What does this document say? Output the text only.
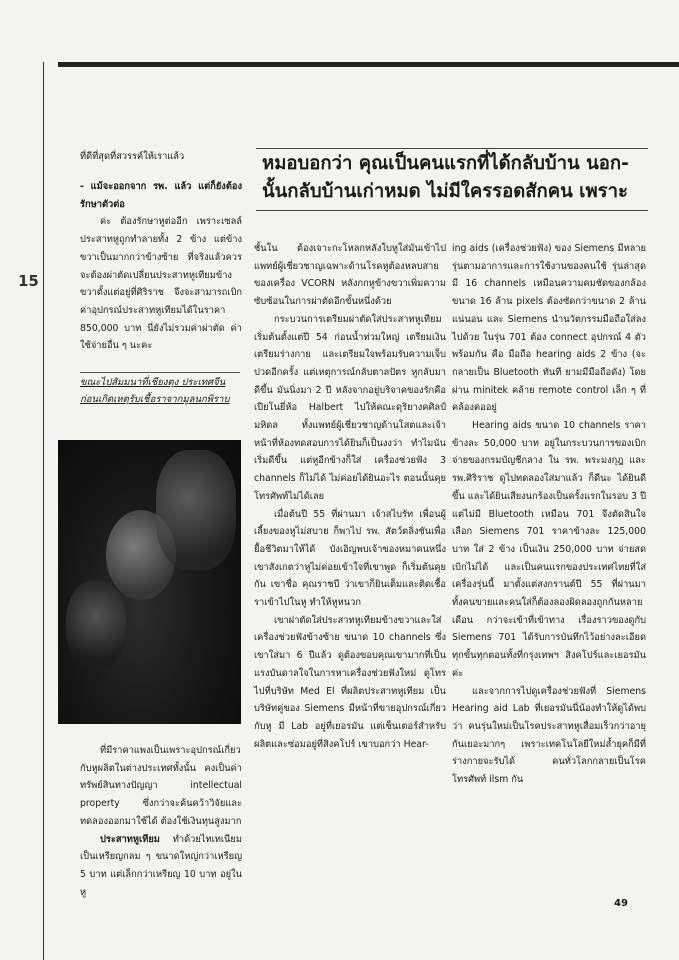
15

ที่ดีที่สุดที่สวรรค์ให้เราแล้ว

- แม้จะออกจาก รพ. แล้ว แต่ก็ยังต้องรักษาตัวต่อ

ค่ะ ต้องรักษาหูต่ออีก เพราะเซลล์ประสาทหูถูกทำลายทั้ง 2 ข้าง แต่ข้างขวาเป็นมากกว่าข้างซ้าย ที่จริงแล้วควรจะต้องผ่าตัดเปลี่ยนประสาทหูเทียมข้างขวาตั้งแต่อยู่ที่ศิริราช จึงจะสามารถเบิกค่าอุปกรณ์ประสาทหูเทียมได้ในราคา 850,000 บาท นี่ยังไม่รวมค่าผ่าตัด ค่าใช้จ่ายอื่น ๆ นะคะ

ขณะไปสัมมนาที่เชียงตุง ประเทศจีน ก่อนเกิดเหตุรับเชื้อราจากมูลนกพิราบ

ที่มีราคาแพงเป็นเพราะอุปกรณ์เกี่ยวกับหูผลิตในต่างประเทศทั้งนั้น คงเป็นค่าทรัพย์สินทางปัญญา intellectual property ซึ่งกว่าจะค้นคว้าวิจัยและทดลองออกมาใช้ได้ ต้องใช้เงินทุนสูงมาก

ประสาทหูเทียม ทำด้วยไทเทเนียมเป็นเหรียญกลม ๆ ขนาดใหญ่กว่าเหรียญ 5 บาท แต่เล็กกว่าเหรียญ 10 บาท อยู่ในหู

หมอบอกว่า คุณเป็นคนแรกที่ได้กลับบ้าน นอก-นั้นกลับบ้านเก่าหมด ไม่มีใครรอดสักคน เพราะ

ชั้นใน ต้องเจาะกะโหลกหลังใบหูใส่มันเข้าไป แพทย์ผู้เชี่ยวชาญเฉพาะด้านโรคหูต้องหลบสายของเครื่อง VCORN หลังกกหูข้างขวาเพิ่มความซับซ้อนในการผ่าตัดอีกขั้นหนึ่งด้วย

กระบวนการเตรียมผ่าตัดใส่ประสาทหูเทียมเริ่มต้นตั้งแต่ปี 54 ก่อนน้ำท่วมใหญ่ เตรียมเงิน เตรียมร่างกาย และเตรียมใจพร้อมรับความเจ็บปวดอีกครั้ง แต่เหตุการณ์กลับตาลปัตร หูกลับมาดีขึ้น มันนิ่งมา 2 ปี หลังจากอยู่บริจาคของรักคือ เปียโนยี่ห้อ Halbert ไปให้คณะดุริยางคศิลป์ มหิดล ทั้งแพทย์ผู้เชี่ยวชาญด้านโสตและเจ้าหน้าที่ห้องทดสอบการได้ยินก็เป็นงงว่า ทำไมนัน เริ่มดีขึ้น แต่หูอีกข้างก็ใส่ เครื่องช่วยฟัง 3 channels ก็ไม่ได้ ไม่ค่อยได้ยินอะไร ตอนนั้นคุยโทรศัพท์ไม่ได้เลย

เมื่อต้นปี 55 ที่ผ่านมา เจ้าสไบรัท เพื่อนผู้เลี้ยงของหูไม่สบาย ก็พาไป รพ. สัตว์ตลิ่งชันเพื่อยื้อชีวิตมาให้ได้ บังเอิญพบเจ้าของหมาคนหนึ่ง เขาสังเกตว่าหูไม่ค่อยเข้าใจที่เขาพูด ก็เริ่มต้นคุยกัน เขาชื่อ คุณราชบี ว่าเขาก็ยินเต็มและติดเชื้อราเข้าไปในหู ทำให้หูหนวก

เขาผ่าตัดใส่ประสาทหูเทียมข้างขวาและใส่เครื่องช่วยฟังข้างซ้าย ขนาด 10 channels ซึ่งเขาใส่มา 6 ปีแล้ว ดูต้องขอบคุณเขามากที่เป็นแรงบันดาลใจในการหาเครื่องช่วยฟังใหม่ ดูโทรไปที่บริษัท Med El ที่ผลิตประสาทหูเทียม เป็นบริษัทคู่ของ Siemens มีหน้าที่ขายอุปกรณ์เกี่ยวกับหู มี Lab อยู่ที่เยอรมัน แต่เซ็นเตอร์สำหรับผลิตและซ่อมอยู่ที่สิงคโปร์ เขาบอกว่า Hear-

ing aids (เครื่องช่วยฟัง) ของ Siemens มีหลายรุ่นตามอาการและการใช้งานของคนใช้ รุ่นล่าสุดมี 16 channels เหมือนความคมชัดของกล้องขนาด 16 ล้าน pixels ต้องซัดกว่าขนาด 2 ล้านแน่นอน และ Siemens นำนวัตกรรมมือถือใส่ลงไปด้วย ในรุ่น 701 ต้อง connect อุปกรณ์ 4 ตัว พร้อมกัน คือ มือถือ hearing aids 2 ข้าง (จะกลายเป็น Bluetooth ทันที ยามมีมือถือดัง) โดยผ่าน minitek คล้าย remote control เล็ก ๆ ที่คล้องคออยู่

Hearing aids ขนาด 10 channels ราคาข้างละ 50,000 บาท อยู่ในกระบวนการของเบิกจ่ายของกรมบัญชีกลาง ใน รพ. พระมงกุฎ และ รพ.ศิริราช ดูไปทดลองใส่มาแล้ว ก็ดีนะ ได้ยินดีขึ้น และได้ยินเสียงนกร้องเป็นครั้งแรกในรอบ 3 ปี แต่ไม่มี Bluetooth เหมือน 701 จึงตัดสินใจเลือก Siemens 701 ราคาข้างละ 125,000 บาท ใส่ 2 ข้าง เป็นเงิน 250,000 บาท จ่ายสดเบิกไม่ได้ และเป็นคนแรกของประเทศไทยที่ใส่เครื่องรุ่นนี้ มาตั้งแต่สงกรานต์ปี 55 ที่ผ่านมา ทั้งคนขายและคนใส่ก็ต้องลองผิดลองถูกกันหลายเดือน กว่าจะเข้าที่เข้าทาง เรื่องราวของดูกับ Siemens 701 ได้รับการบันทึกไว้อย่างละเอียดทุกขั้นทุกตอนทั้งที่กรุงเทพฯ สิงคโปร์และเยอรมันค่ะ

และจากการไปดูเครื่องช่วยฟังที่ Siemens Hearing aid Lab ที่เยอรมันนี่น้องทำให้ดูได้พบว่า คนรุ่นใหม่เป็นโรคประสาทหูเสื่อมเร็วกว่าอายุกันเยอะมากๆ เพราะเทคโนโลยีใหม่ล้ำยุคก็มีที่ร่างกายจะรับได้ คนทั่วโลกกลายเป็นโรคโทรศัพท์ ilsm กัน

49
